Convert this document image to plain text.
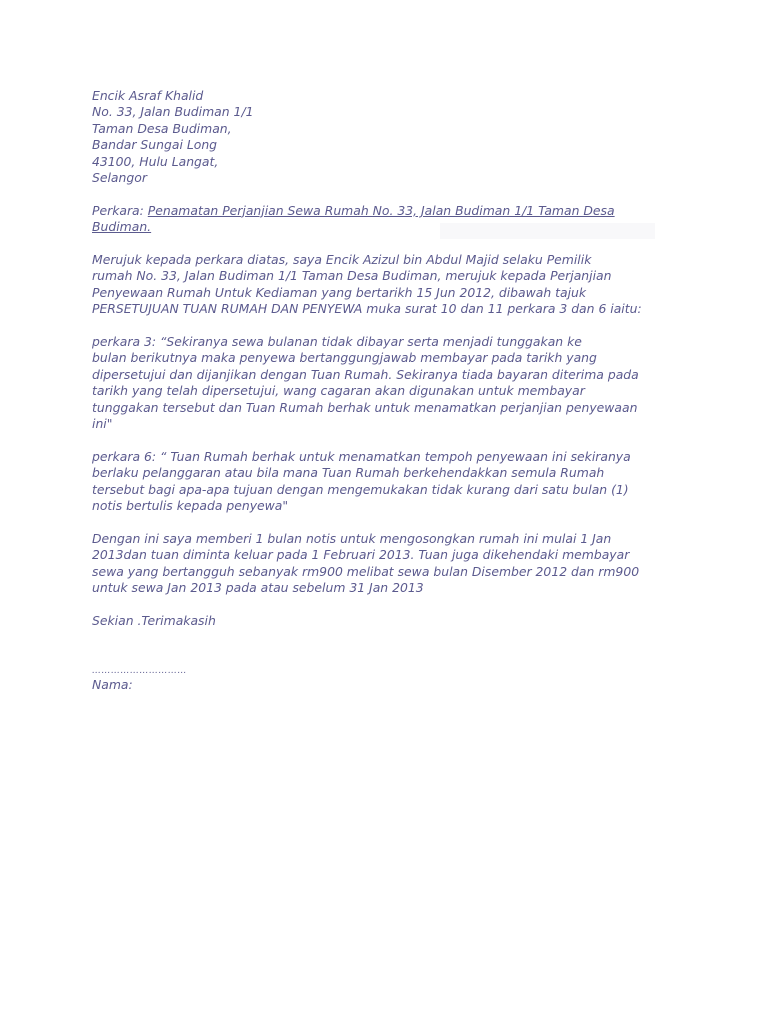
Encik Asraf Khalid
No. 33, Jalan Budiman 1/1
Taman Desa Budiman,
Bandar Sungai Long
43100, Hulu Langat,
Selangor
Perkara: Penamatan Perjanjian Sewa Rumah No. 33, Jalan Budiman 1/1 Taman Desa
Budiman.
Merujuk kepada perkara diatas, saya Encik Azizul bin Abdul Majid selaku Pemilik
rumah No. 33, Jalan Budiman 1/1 Taman Desa Budiman, merujuk kepada Perjanjian
Penyewaan Rumah Untuk Kediaman yang bertarikh 15 Jun 2012, dibawah tajuk
PERSETUJUAN TUAN RUMAH DAN PENYEWA muka surat 10 dan 11 perkara 3 dan 6 iaitu:
perkara 3: “Sekiranya sewa bulanan tidak dibayar serta menjadi tunggakan ke
bulan berikutnya maka penyewa bertanggungjawab membayar pada tarikh yang
dipersetujui dan dijanjikan dengan Tuan Rumah. Sekiranya tiada bayaran diterima pada
tarikh yang telah dipersetujui, wang cagaran akan digunakan untuk membayar
tunggakan tersebut dan Tuan Rumah berhak untuk menamatkan perjanjian penyewaan
ini"
perkara 6: “ Tuan Rumah berhak untuk menamatkan tempoh penyewaan ini sekiranya
berlaku pelanggaran atau bila mana Tuan Rumah berkehendakkan semula Rumah
tersebut bagi apa-apa tujuan dengan mengemukakan tidak kurang dari satu bulan (1)
notis bertulis kepada penyewa"
Dengan ini saya memberi 1 bulan notis untuk mengosongkan rumah ini mulai 1 Jan
2013dan tuan diminta keluar pada 1 Februari 2013. Tuan juga dikehendaki membayar
sewa yang bertangguh sebanyak rm900 melibat sewa bulan Disember 2012 dan rm900
untuk sewa Jan 2013 pada atau sebelum 31 Jan 2013
Sekian .Terimakasih
…………………………
Nama:
